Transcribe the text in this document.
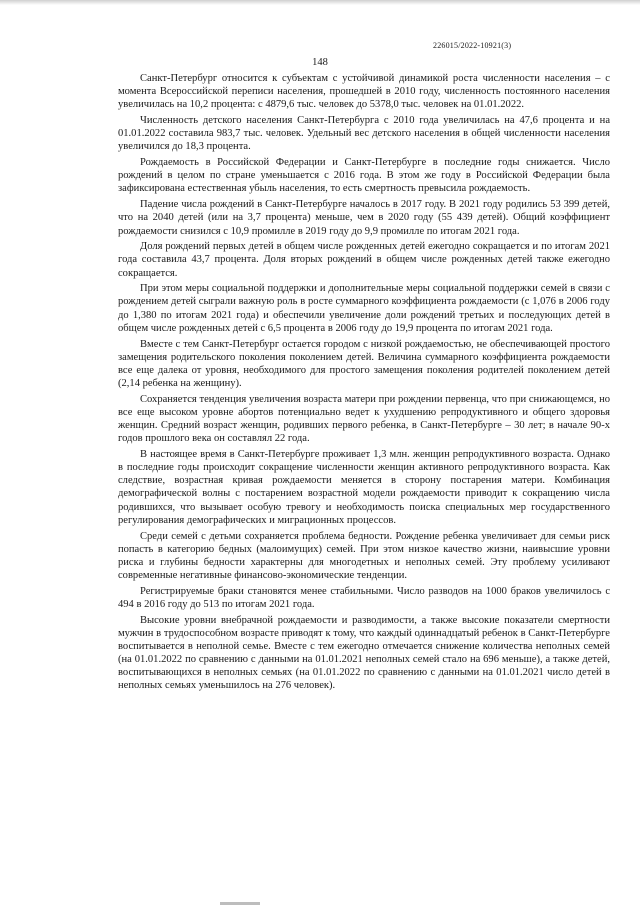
226015/2022-10921(3)
148

Санкт-Петербург относится к субъектам с устойчивой динамикой роста численности населения – с момента Всероссийской переписи населения, прошедшей в 2010 году, численность постоянного населения увеличилась на 10,2 процента: с 4879,6 тыс. человек до 5378,0 тыс. человек на 01.01.2022.

Численность детского населения Санкт-Петербурга с 2010 года увеличилась на 47,6 процента и на 01.01.2022 составила 983,7 тыс. человек. Удельный вес детского населения в общей численности населения увеличился до 18,3 процента.

Рождаемость в Российской Федерации и Санкт-Петербурге в последние годы снижается. Число рождений в целом по стране уменьшается с 2016 года. В этом же году в Российской Федерации была зафиксирована естественная убыль населения, то есть смертность превысила рождаемость.

Падение числа рождений в Санкт-Петербурге началось в 2017 году. В 2021 году родились 53 399 детей, что на 2040 детей (или на 3,7 процента) меньше, чем в 2020 году (55 439 детей). Общий коэффициент рождаемости снизился с 10,9 промилле в 2019 году до 9,9 промилле по итогам 2021 года.

Доля рождений первых детей в общем числе рожденных детей ежегодно сокращается и по итогам 2021 года составила 43,7 процента. Доля вторых рождений в общем числе рожденных детей также ежегодно сокращается.

При этом меры социальной поддержки и дополнительные меры социальной поддержки семей в связи с рождением детей сыграли важную роль в росте суммарного коэффициента рождаемости (с 1,076 в 2006 году до 1,380 по итогам 2021 года) и обеспечили увеличение доли рождений третьих и последующих детей в общем числе рожденных детей с 6,5 процента в 2006 году до 19,9 процента по итогам 2021 года.

Вместе с тем Санкт-Петербург остается городом с низкой рождаемостью, не обеспечивающей простого замещения родительского поколения поколением детей. Величина суммарного коэффициента рождаемости все еще далека от уровня, необходимого для простого замещения поколения родителей поколением детей (2,14 ребенка на женщину).

Сохраняется тенденция увеличения возраста матери при рождении первенца, что при снижающемся, но все еще высоком уровне абортов потенциально ведет к ухудшению репродуктивного и общего здоровья женщин. Средний возраст женщин, родивших первого ребенка, в Санкт-Петербурге – 30 лет; в начале 90-х годов прошлого века он составлял 22 года.

В настоящее время в Санкт-Петербурге проживает 1,3 млн. женщин репродуктивного возраста. Однако в последние годы происходит сокращение численности женщин активного репродуктивного возраста. Как следствие, возрастная кривая рождаемости меняется в сторону постарения матери. Комбинация демографической волны с постарением возрастной модели рождаемости приводит к сокращению числа родившихся, что вызывает особую тревогу и необходимость поиска специальных мер государственного регулирования демографических и миграционных процессов.

Среди семей с детьми сохраняется проблема бедности. Рождение ребенка увеличивает для семьи риск попасть в категорию бедных (малоимущих) семей. При этом низкое качество жизни, наивысшие уровни риска и глубины бедности характерны для многодетных и неполных семей. Эту проблему усиливают современные негативные финансово-экономические тенденции.

Регистрируемые браки становятся менее стабильными. Число разводов на 1000 браков увеличилось с 494 в 2016 году до 513 по итогам 2021 года.

Высокие уровни внебрачной рождаемости и разводимости, а также высокие показатели смертности мужчин в трудоспособном возрасте приводят к тому, что каждый одиннадцатый ребенок в Санкт-Петербурге воспитывается в неполной семье. Вместе с тем ежегодно отмечается снижение количества неполных семей (на 01.01.2022 по сравнению с данными на 01.01.2021 неполных семей стало на 696 меньше), а также детей, воспитывающихся в неполных семьях (на 01.01.2022 по сравнению с данными на 01.01.2021 число детей в неполных семьях уменьшилось на 276 человек).
